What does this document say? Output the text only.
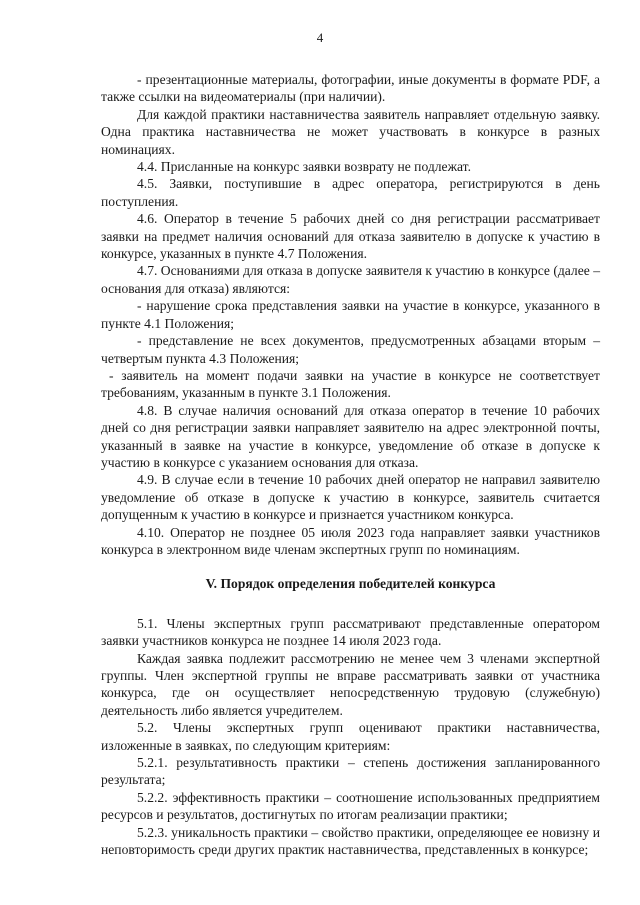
4

- презентационные материалы, фотографии, иные документы в формате PDF, а также ссылки на видеоматериалы (при наличии).

Для каждой практики наставничества заявитель направляет отдельную заявку. Одна практика наставничества не может участвовать в конкурсе в разных номинациях.

4.4. Присланные на конкурс заявки возврату не подлежат.

4.5. Заявки, поступившие в адрес оператора, регистрируются в день поступления.

4.6. Оператор в течение 5 рабочих дней со дня регистрации рассматривает заявки на предмет наличия оснований для отказа заявителю в допуске к участию в конкурсе, указанных в пункте 4.7 Положения.

4.7. Основаниями для отказа в допуске заявителя к участию в конкурсе (далее – основания для отказа) являются:

- нарушение срока представления заявки на участие в конкурсе, указанного в пункте 4.1 Положения;

- представление не всех документов, предусмотренных абзацами вторым – четвертым пункта 4.3 Положения;

- заявитель на момент подачи заявки на участие в конкурсе не соответствует требованиям, указанным в пункте 3.1 Положения.

4.8. В случае наличия оснований для отказа оператор в течение 10 рабочих дней со дня регистрации заявки направляет заявителю на адрес электронной почты, указанный в заявке на участие в конкурсе, уведомление об отказе в допуске к участию в конкурсе с указанием основания для отказа.

4.9. В случае если в течение 10 рабочих дней оператор не направил заявителю уведомление об отказе в допуске к участию в конкурсе, заявитель считается допущенным к участию в конкурсе и признается участником конкурса.

4.10. Оператор не позднее 05 июля 2023 года направляет заявки участников конкурса в электронном виде членам экспертных групп по номинациям.

V. Порядок определения победителей конкурса

5.1. Члены экспертных групп рассматривают представленные оператором заявки участников конкурса не позднее 14 июля 2023 года.

Каждая заявка подлежит рассмотрению не менее чем 3 членами экспертной группы. Член экспертной группы не вправе рассматривать заявки от участника конкурса, где он осуществляет непосредственную трудовую (служебную) деятельность либо является учредителем.

5.2. Члены экспертных групп оценивают практики наставничества, изложенные в заявках, по следующим критериям:

5.2.1. результативность практики – степень достижения запланированного результата;

5.2.2. эффективность практики – соотношение использованных предприятием ресурсов и результатов, достигнутых по итогам реализации практики;

5.2.3. уникальность практики – свойство практики, определяющее ее новизну и неповторимость среди других практик наставничества, представленных в конкурсе;
